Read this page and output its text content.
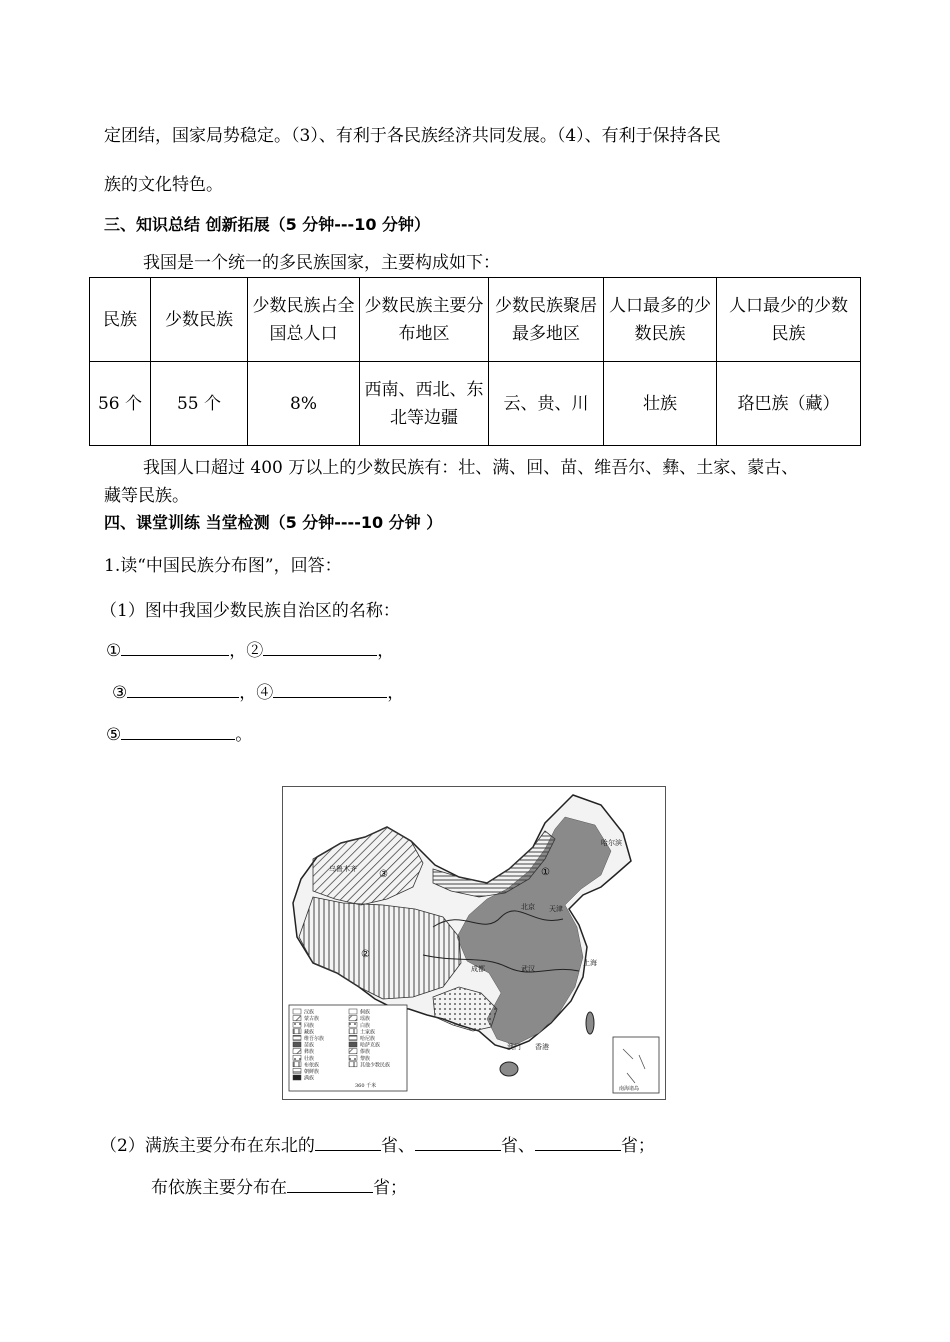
定团结，国家局势稳定。（3）、有利于各民族经济共同发展。（4）、有利于保持各民
族的文化特色。
三、知识总结 创新拓展（5 分钟---10 分钟）
我国是一个统一的多民族国家，主要构成如下：
民族	少数民族	少数民族占全国总人口	少数民族主要分布地区	少数民族聚居最多地区	人口最多的少数民族	人口最少的少数民族
56 个	55 个	8%	西南、西北、东北等边疆	云、贵、川	壮族	珞巴族（藏）
我国人口超过 400 万以上的少数民族有：壮、满、回、苗、维吾尔、彝、土家、蒙古、
藏等民族。
四、课堂训练 当堂检测（5 分钟----10 分钟 ）
1.读“中国民族分布图”，回答：
（1）图中我国少数民族自治区的名称：
①	，②	，
③	，④	，
⑤	。
哈尔滨
乌鲁木齐
北京 天津
上海
武汉
成都
香港
澳门
①
②
③
汉族
蒙古族
回族
藏族
维吾尔族
苗族
彝族
壮族
布依族
朝鲜族
满族
侗族
瑶族
白族
土家族
哈尼族
哈萨克族
傣族
黎族
其他少数民族
360 千米	南海诸岛
（2）满族主要分布在东北的	省、	省、	省；
布依族主要分布在	省；
